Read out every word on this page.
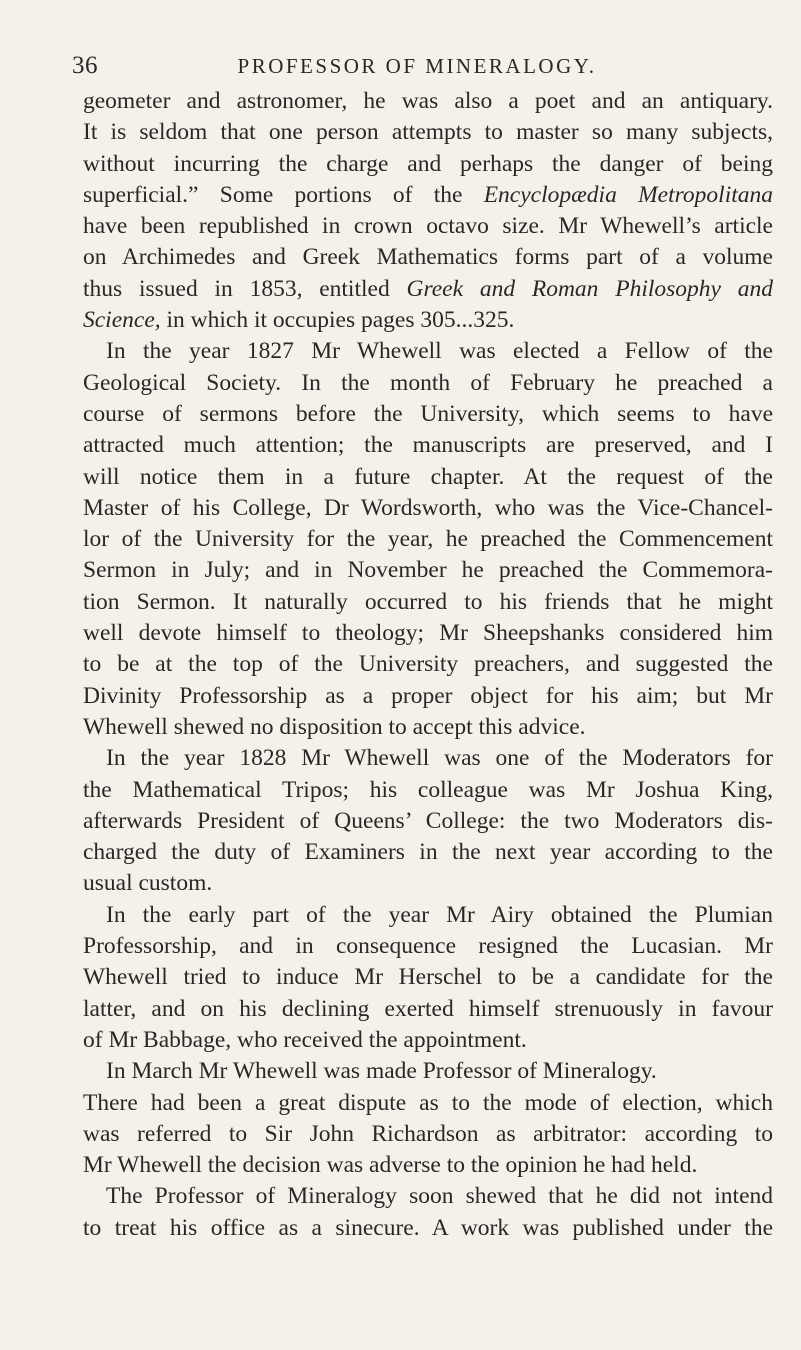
36	PROFESSOR OF MINERALOGY.
geometer and astronomer, he was also a poet and an antiquary.
It is seldom that one person attempts to master so many subjects,
without incurring the charge and perhaps the danger of being
superficial.” Some portions of the Encyclopædia Metropolitana
have been republished in crown octavo size. Mr Whewell’s article
on Archimedes and Greek Mathematics forms part of a volume
thus issued in 1853, entitled Greek and Roman Philosophy and
Science, in which it occupies pages 305...325.
In the year 1827 Mr Whewell was elected a Fellow of the
Geological Society. In the month of February he preached a
course of sermons before the University, which seems to have
attracted much attention; the manuscripts are preserved, and I
will notice them in a future chapter. At the request of the
Master of his College, Dr Wordsworth, who was the Vice-Chancel-
lor of the University for the year, he preached the Commencement
Sermon in July; and in November he preached the Commemora-
tion Sermon. It naturally occurred to his friends that he might
well devote himself to theology; Mr Sheepshanks considered him
to be at the top of the University preachers, and suggested the
Divinity Professorship as a proper object for his aim; but Mr
Whewell shewed no disposition to accept this advice.
In the year 1828 Mr Whewell was one of the Moderators for
the Mathematical Tripos; his colleague was Mr Joshua King,
afterwards President of Queens’ College: the two Moderators dis-
charged the duty of Examiners in the next year according to the
usual custom.
In the early part of the year Mr Airy obtained the Plumian
Professorship, and in consequence resigned the Lucasian. Mr
Whewell tried to induce Mr Herschel to be a candidate for the
latter, and on his declining exerted himself strenuously in favour
of Mr Babbage, who received the appointment.
In March Mr Whewell was made Professor of Mineralogy.
There had been a great dispute as to the mode of election, which
was referred to Sir John Richardson as arbitrator: according to
Mr Whewell the decision was adverse to the opinion he had held.
The Professor of Mineralogy soon shewed that he did not intend
to treat his office as a sinecure. A work was published under the
